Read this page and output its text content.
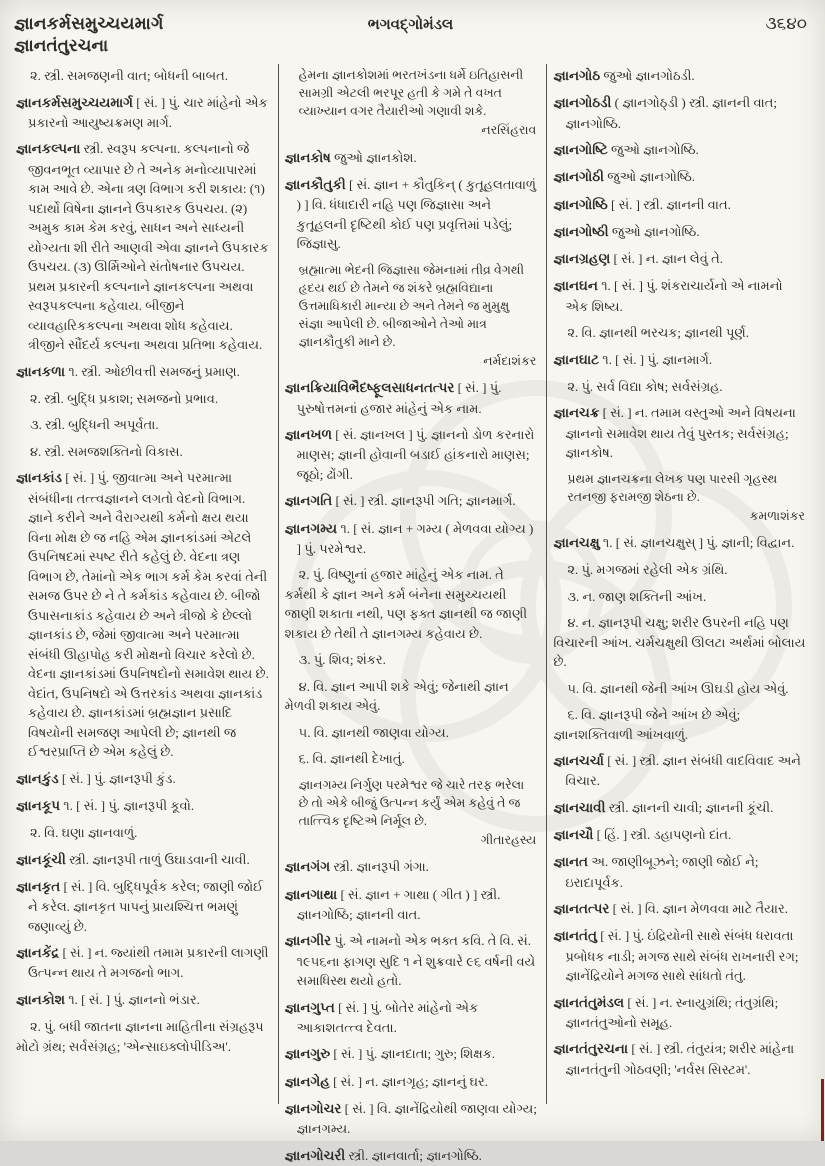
જ્ઞાનકર્મસમુચ્ચયમાર્ગ	ભગવદ્ગોમંડલ	૩૬૪૦
જ્ઞાનતંતુરચના

૨. સ્ત્રી. સમજણની વાત; બોધની બાબત.

જ્ઞાનકર્મસમુચ્ચયમાર્ગ [ સં. ] પું. ચાર માંહેનો એક પ્રકારનો આયુષ્યક્રમણ માર્ગ.

જ્ઞાનકલ્પના સ્ત્રી. સ્વરૂપ કલ્પના. કલ્પનાનો જે જીવનભૂત વ્યાપાર છે તે અનેક મનોવ્યાપારમાં કામ આવે છે. એના ત્રણ વિભાગ કરી શકાય: (૧) પદાર્થો વિષેના જ્ઞાનને ઉપકારક ઉપચય. (૨) અમુક કામ કેમ કરવું, સાધન અને સાધ્યની યોગ્યતા શી રીતે આણવી એવા જ્ઞાનને ઉપકારક ઉપચય. (૩) ઊર્મિઓને સંતોષનાર ઉપચય. પ્રથમ પ્રકારની કલ્પનાને જ્ઞાનકલ્પના અથવા સ્વરૂપકલ્પના કહેવાય. બીજીને વ્યાવહારિકકલ્પના અથવા શોધ કહેવાય. ત્રીજીને સૌંદર્ય કલ્પના અથવા પ્રતિભા કહેવાય.

જ્ઞાનકળા ૧. સ્ત્રી. ઓછીવત્તી સમજનું પ્રમાણ.

૨. સ્ત્રી. બુદ્ધિ પ્રકાશ; સમજનો પ્રભાવ.

૩. સ્ત્રી. બુદ્ધિની અપૂર્વતા.

૪. સ્ત્રી. સમજશક્તિનો વિકાસ.

જ્ઞાનકાંડ [ સં. ] પું. જીવાત્મા અને પરમાત્મા સંબંધીના તત્ત્વજ્ઞાનને લગતો વેદનો વિભાગ. જ્ઞાને કરીને અને વૈરાગ્યથી કર્મનો ક્ષય થયા વિના મોક્ષ છે જ નહિ એમ જ્ઞાનકાંડમાં એટલે ઉપનિષદમાં સ્પષ્ટ રીતે કહેલું છે. વેદના ત્રણ વિભાગ છે, તેમાંનો એક ભાગ કર્મ કેમ કરવાં તેની સમજ ઉપર છે ને તે કર્મકાંડ કહેવાય છે. બીજો ઉપાસનાકાંડ કહેવાય છે અને ત્રીજો કે છેલ્લો જ્ઞાનકાંડ છે, જેમાં જીવાત્મા અને પરમાત્મા સંબંધી ઊહાપોહ કરી મોક્ષનો વિચાર કરેલો છે. વેદના જ્ઞાનકાંડમાં ઉપનિષદોનો સમાવેશ થાય છે. વેદાંત, ઉપનિષદો એ ઉત્તરકાંડ અથવા જ્ઞાનકાંડ કહેવાય છે. જ્ઞાનકાંડમાં બ્રહ્મજ્ઞાન પ્રસાદિ વિષયોની સમજણ આપેલી છે; જ્ઞાનથી જ ઈશ્વરપ્રાપ્તિ છે એમ કહેલું છે.

જ્ઞાનકુંડ [ સં. ] પું. જ્ઞાનરૂપી કુંડ.

જ્ઞાનકૂપ ૧. [ સં. ] પું. જ્ઞાનરૂપી કૂવો.

૨. વિ. ઘણા જ્ઞાનવાળું.

જ્ઞાનકૂંચી સ્ત્રી. જ્ઞાનરૂપી તાળું ઉઘાડવાની ચાવી.

જ્ઞાનકૃત [ સં. ] વિ. બુદ્ધિપૂર્વક કરેલ; જાણી જોઈ ને કરેલ. જ્ઞાનકૃત પાપનું પ્રાયશ્ચિત્ત ભમણું જણાવ્યું છે.

જ્ઞાનકેંદ્ર [ સં. ] ન. જ્યાંથી તમામ પ્રકારની લાગણી ઉત્પન્ન થાય તે મગજનો ભાગ.

જ્ઞાનકોશ ૧. [ સં. ] પું. જ્ઞાનનો ભંડાર.

૨. પું. બધી જાતના જ્ઞાનના માહિતીના સંગ્રહરૂપ મોટો ગ્રંથ; સર્વસંગ્રહ; 'એન્સાઇક્લોપીડિઅ'.

હેમના જ્ઞાનકોશમાં ભરતખંડના ધર્મે ઇતિહાસની સામગ્રી એટલી ભરપૂર હતી કે ગમે તે વખત વ્યાખ્યાન વગર તૈયારીઓ ગણાવી શકે.
નરસિંહરાવ

જ્ઞાનકોષ જુઓ જ્ઞાનકોશ.

જ્ઞાનકૌતુકી [ સં. જ્ઞાન + કૌતુકિન્ ( કુતૂહલતાવાળું ) ] વિ. ધંધાદારી નહિ પણ જિજ્ઞાસા અને કુતૂહલની દૃષ્ટિથી કોઈ પણ પ્રવૃત્તિમાં પડેલું; જિજ્ઞાસુ.

બ્રહ્માત્મા ભેદની જિજ્ઞાસા જેમનામાં તીવ્ર વેગથી હૃદય થઈ છે તેમને જ શંકરે બ્રહ્મવિદ્યાના ઉત્તમાધિકારી માન્યા છે અને તેમને જ મુમુક્ષુ સંજ્ઞા આપેલી છે. બીજાઓને તેઓ માત્ર જ્ઞાનકૌતુકી માને છે.
નર્મદાશંકર

જ્ઞાનક્રિયાવિભૈદષ્ફૂલસાધનતત્પર [ સં. ] પું. પુરુષોત્તમનાં હજાર માંહેનું એક નામ.

જ્ઞાનખળ [ સં. જ્ઞાનખલ ] પું. જ્ઞાનનો ડોળ કરનારો માણસ; જ્ઞાની હોવાની બડાઈ હાંકનારો માણસ; જૂઠો; ઢોંગી.

જ્ઞાનગતિ [ સં. ] સ્ત્રી. જ્ઞાનરૂપી ગતિ; જ્ઞાનમાર્ગ.

જ્ઞાનગમ્ય ૧. [ સં. જ્ઞાન + ગમ્ય ( મેળવવા યોગ્ય ) ] પું. પરમેશ્વર.

૨. પું. વિષ્ણુનાં હજાર માંહેનું એક નામ. તે કર્મથી કે જ્ઞાન અને કર્મ બંનેના સમુચ્ચયથી જાણી શકાતા નથી, પણ ફક્ત જ્ઞાનથી જ જાણી શકાય છે તેથી તે જ્ઞાનગમ્ય કહેવાય છે.

૩. પું. શિવ; શંકર.

૪. વિ. જ્ઞાન આપી શકે એવું; જેનાથી જ્ઞાન મેળવી શકાય એવું.

૫. વિ. જ્ઞાનથી જાણવા યોગ્ય.

૬. વિ. જ્ઞાનથી દેખાતું.

જ્ઞાનગમ્ય નિર્ગુણ પરમેશ્વર જે ચારે તરફ ભરેલા છે તો એકે બીજું ઉત્પન્ન કર્યું એમ કહેવું તે જ તાત્ત્વિક દૃષ્ટિએ નિર્મૂલ છે.
ગીતારહસ્ય

જ્ઞાનગંગ સ્ત્રી. જ્ઞાનરૂપી ગંગા.

જ્ઞાનગાથા [ સં. જ્ઞાન + ગાથા ( ગીત ) ] સ્ત્રી. જ્ઞાનગોષ્ઠિ; જ્ઞાનની વાત.

જ્ઞાનગીર પું. એ નામનો એક ભક્ત કવિ. તે વિ. સં. ૧૯૫૬ના ફાગણ સુદિ ૧ ને શુક્રવારે ૯૬ વર્ષની વયે સમાધિસ્થ થયો હતો.

જ્ઞાનગુપ્ત [ સં. ] પું. બોતેર માંહેનો એક આકાશતત્ત્વ દેવતા.

જ્ઞાનગુરુ [ સં. ] પું. જ્ઞાનદાતા; ગુરુ; શિક્ષક.

જ્ઞાનગેહ [ સં. ] ન. જ્ઞાનગૃહ; જ્ઞાનનું ઘર.

જ્ઞાનગોચર [ સં. ] વિ. જ્ઞાનેંદ્રિયોથી જાણવા યોગ્ય; જ્ઞાનગમ્ય.

જ્ઞાનગોચરી સ્ત્રી. જ્ઞાનવાર્તા; જ્ઞાનગોષ્ઠિ.

જ્ઞાનગોઠ જુઓ જ્ઞાનગોઠડી.

જ્ઞાનગોઠડી ( જ્ઞાનગોઠ્ડી ) સ્ત્રી. જ્ઞાનની વાત; જ્ઞાનગોષ્ઠિ.

જ્ઞાનગોષ્ટિ જુઓ જ્ઞાનગોષ્ઠિ.

જ્ઞાનગોઠી જુઓ જ્ઞાનગોષ્ઠિ.

જ્ઞાનગોષ્ઠિ [ સં. ] સ્ત્રી. જ્ઞાનની વાત.

જ્ઞાનગોષ્ઠી જુઓ જ્ઞાનગોષ્ઠિ.

જ્ઞાનગ્રહણ [ સં. ] ન. જ્ઞાન લેવું તે.

જ્ઞાનઘન ૧. [ સં. ] પું. શંકરાચાર્યનો એ નામનો એક શિષ્ય.

૨. વિ. જ્ઞાનથી ભરચક; જ્ઞાનથી પૂર્ણ.

જ્ઞાનઘાટ ૧. [ સં. ] પું. જ્ઞાનમાર્ગ.

૨. પું. સર્વ વિદ્યા કોષ; સર્વસંગ્રહ.

જ્ઞાનચક્ર [ સં. ] ન. તમામ વસ્તુઓ અને વિષયના જ્ઞાનનો સમાવેશ થાય તેવું પુસ્તક; સર્વસંગ્રહ; જ્ઞાનકોષ.

પ્રથમ જ્ઞાનચક્રના લેખક પણ પારસી ગૃહસ્થ રતનજી ફરામજી શેઠના છે.
કમળાશંકર

જ્ઞાનચક્ષુ ૧. [ સં. જ્ઞાનચક્ષુસ્ ] પું. જ્ઞાની; વિદ્વાન.

૨. પું. મગજમાં રહેલી એક ગ્રંથિ.

૩. ન. જાણ શક્તિની આંખ.

૪. ન. જ્ઞાનરૂપી ચક્ષુ; શરીર ઉપરની નહિ પણ વિચારની આંખ. ચર્મચક્ષુથી ઊલટા અર્થમાં બોલાય છે.

૫. વિ. જ્ઞાનથી જેની આંખ ઊઘડી હોય એવું.

૬. વિ. જ્ઞાનરૂપી જેને આંખ છે એવું; જ્ઞાનશક્તિવાળી આંખવાળું.

જ્ઞાનચર્ચા [ સં. ] સ્ત્રી. જ્ઞાન સંબંધી વાદવિવાદ અને વિચાર.

જ્ઞાનચાવી સ્ત્રી. જ્ઞાનની ચાવી; જ્ઞાનની કૂંચી.

જ્ઞાનચૌ [ હિં. ] સ્ત્રી. ડહાપણનો દાંત.

જ્ઞાનત અ. જાણીબૂઝને; જાણી જોઈ ને; ઇરાદાપૂર્વક.

જ્ઞાનતત્પર [ સં. ] વિ. જ્ઞાન મેળવવા માટે તૈયાર.

જ્ઞાનતંતુ [ સં. ] પું. ઇંદ્રિયોની સાથે સંબંધ ધરાવતા પ્રબોધક નાડી; મગજ સાથે સંબંધ રાખનારી રગ; જ્ઞાનેંદ્રિયોને મગજ સાથે સાંધતો તંતુ.

જ્ઞાનતંતુમંડલ [ સં. ] ન. સ્નાયુગ્રંથિ; તંતુગ્રંથિ; જ્ઞાનતંતુઓનો સમૂહ.

જ્ઞાનતંતુરચના [ સં. ] સ્ત્રી. તંતુયંત્ર; શરીર માંહેના જ્ઞાનતંતુની ગોઠવણી; 'નર્વસ સિસ્ટમ'.
